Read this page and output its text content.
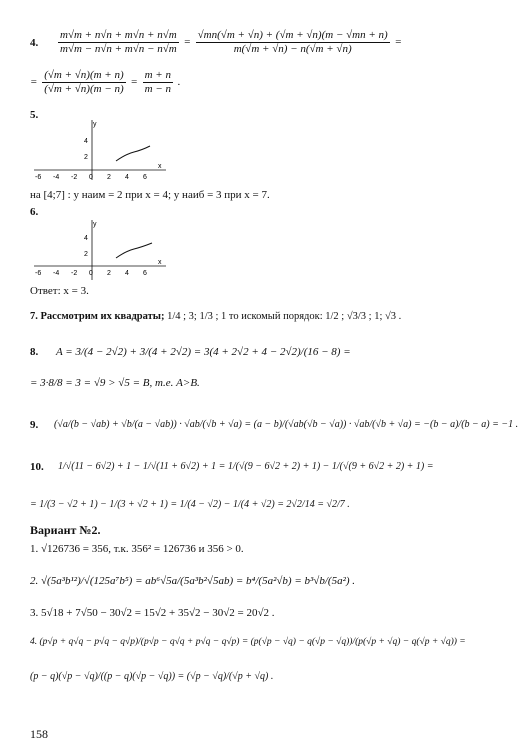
4. $\frac{m√m + n√n + m√n + n√m}{m√m - n√n + m√n - n√m} = \frac{√mn(√m + √n) + (√m + √n)(m - √mn + n)}{m(√m + √n) - n(√m + √n)}$ =
= $\frac{(√m + √n)(m + n)}{(√m + √n)(m - n)} = \frac{m + n}{m - n}$ .
5.
y
x
-6 -4 -2 0 2 4 6
4
2
на [4;7] : y наим = 2 при x = 4; y наиб = 3 при x = 7.
6.
y
x
-6 -4 -2 0 2 4 6
4
2
Ответ: x = 3.
7. Рассмотрим их квадраты; 1/4 ; 3; 1/3 ; 1 то искомый порядок: 1/2 ; √3/3 ; 1; √3 .
8. A = 3/(4 − 2√2) + 3/(4 + 2√2) = 3(4 + 2√2 + 4 − 2√2)/(16 − 8) =
= 3·8/8 = 3 = √9 > √5 = B, т.е. A>B.
9. (√a/(b − √ab) + √b/(a − √ab)) · √ab/(√b + √a) = (a − b)/(√ab(√b − √a)) · √ab/(√b + √a) = −(b − a)/(b − a) = −1 .
10. 1/√(11 − 6√2) + 1 − 1/√(11 + 6√2) + 1 = 1/(√(9 − 6√2 + 2) + 1) − 1/(√(9 + 6√2 + 2) + 1) =
= 1/(3 − √2 + 1) − 1/(3 + √2 + 1) = 1/(4 − √2) − 1/(4 + √2) = 2√2/14 = √2/7 .
Вариант №2.
1. √126736 = 356, т.к. 356² = 126736 и 356 > 0.
2. √(5a³b¹²)/√(125a⁷b⁵) = ab⁶√5a/(5a³b²√5ab) = b⁴/(5a²√b) = b³√b/(5a²) .
3. 5√18 + 7√50 − 30√2 = 15√2 + 35√2 − 30√2 = 20√2 .
4. (p√p + q√q − p√q − q√p)/(p√p − q√q + p√q − q√p) = (p(√p − √q) − q(√p − √q))/(p(√p + √q) − q(√p + √q)) =
(p − q)(√p − √q)/((p − q)(√p − √q)) = (√p − √q)/(√p + √q) .
158
